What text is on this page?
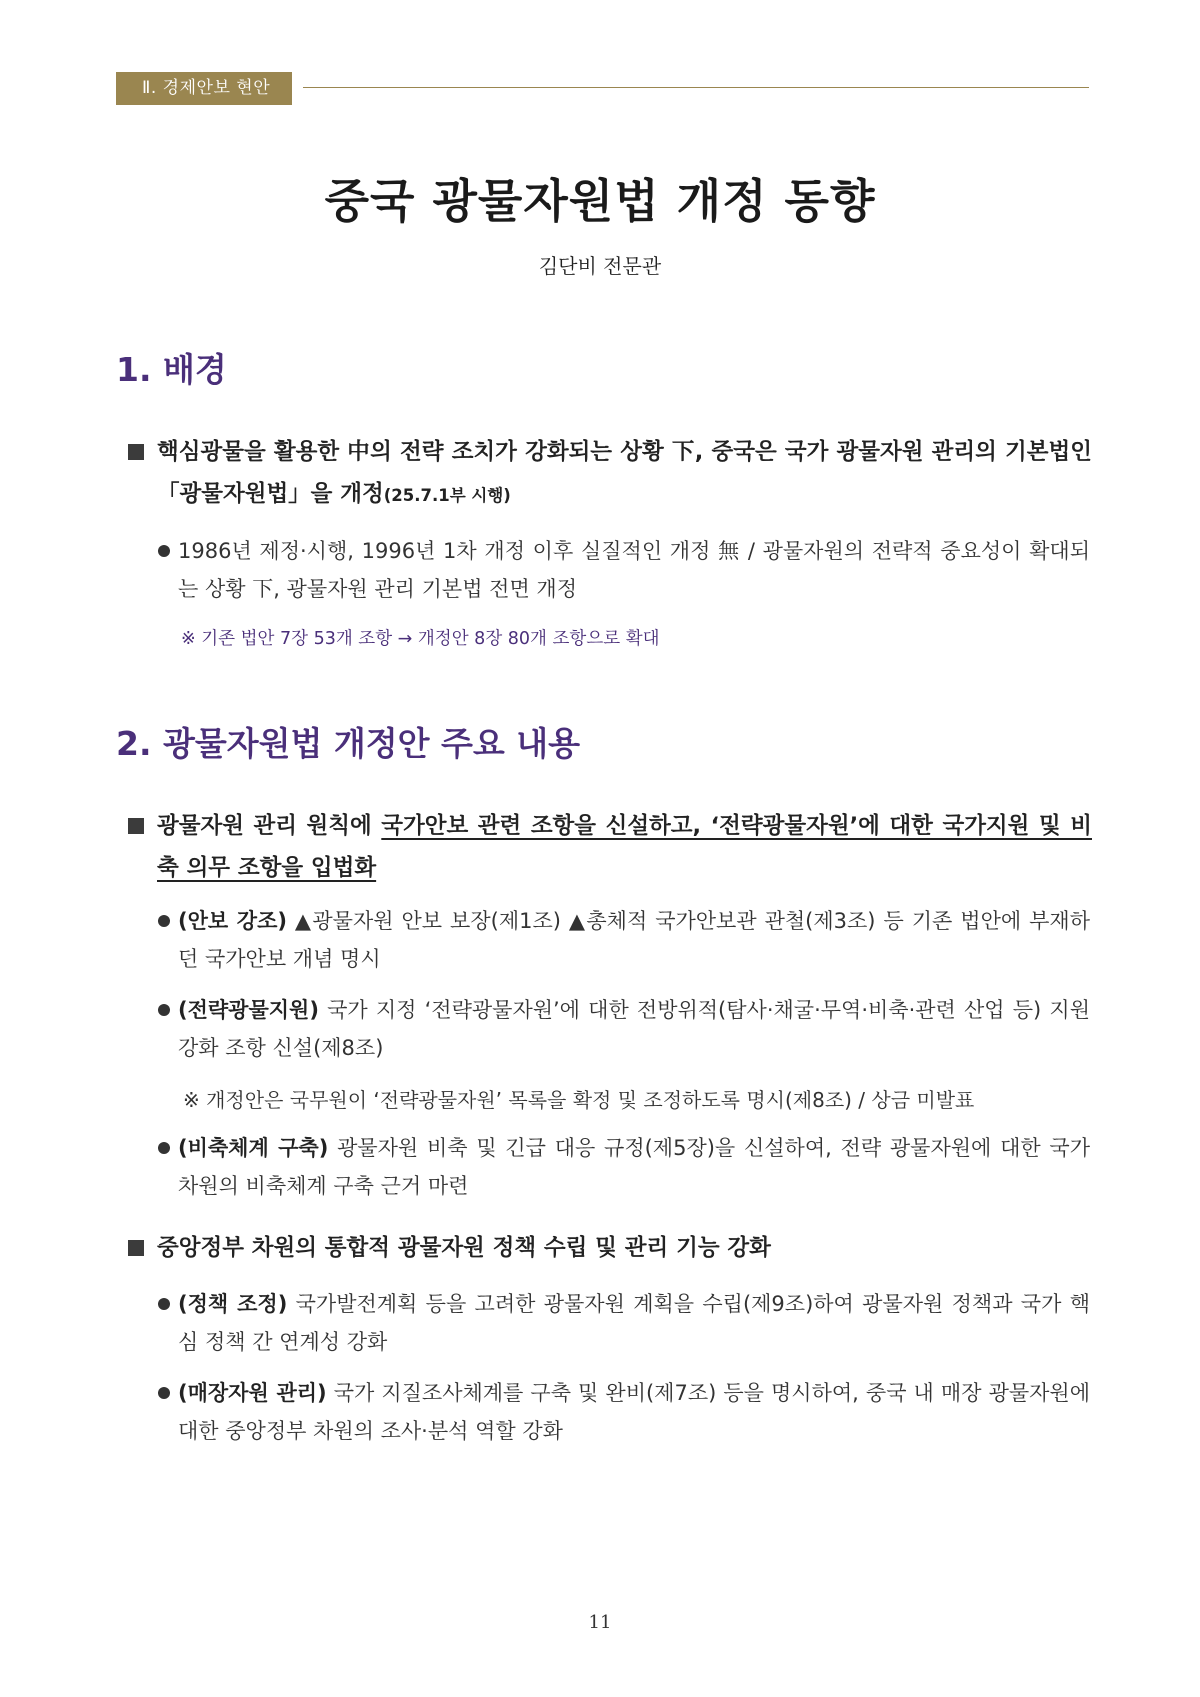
Ⅱ. 경제안보 현안
중국 광물자원법 개정 동향
김단비 전문관
1. 배경
핵심광물을 활용한 中의 전략 조치가 강화되는 상황 下, 중국은 국가 광물자원 관리의 기본법인 「광물자원법」을 개정(25.7.1부 시행)
1986년 제정·시행, 1996년 1차 개정 이후 실질적인 개정 無 / 광물자원의 전략적 중요성이 확대되는 상황 下, 광물자원 관리 기본법 전면 개정
※ 기존 법안 7장 53개 조항 → 개정안 8장 80개 조항으로 확대
2. 광물자원법 개정안 주요 내용
광물자원 관리 원칙에 국가안보 관련 조항을 신설하고, ‘전략광물자원’에 대한 국가지원 및 비축 의무 조항을 입법화
(안보 강조) ▲광물자원 안보 보장(제1조) ▲총체적 국가안보관 관철(제3조) 등 기존 법안에 부재하던 국가안보 개념 명시
(전략광물지원) 국가 지정 ‘전략광물자원’에 대한 전방위적(탐사·채굴·무역·비축·관련 산업 등) 지원 강화 조항 신설(제8조)
※ 개정안은 국무원이 ‘전략광물자원’ 목록을 확정 및 조정하도록 명시(제8조) / 상금 미발표
(비축체계 구축) 광물자원 비축 및 긴급 대응 규정(제5장)을 신설하여, 전략 광물자원에 대한 국가 차원의 비축체계 구축 근거 마련
중앙정부 차원의 통합적 광물자원 정책 수립 및 관리 기능 강화
(정책 조정) 국가발전계획 등을 고려한 광물자원 계획을 수립(제9조)하여 광물자원 정책과 국가 핵심 정책 간 연계성 강화
(매장자원 관리) 국가 지질조사체계를 구축 및 완비(제7조) 등을 명시하여, 중국 내 매장 광물자원에 대한 중앙정부 차원의 조사·분석 역할 강화
11
